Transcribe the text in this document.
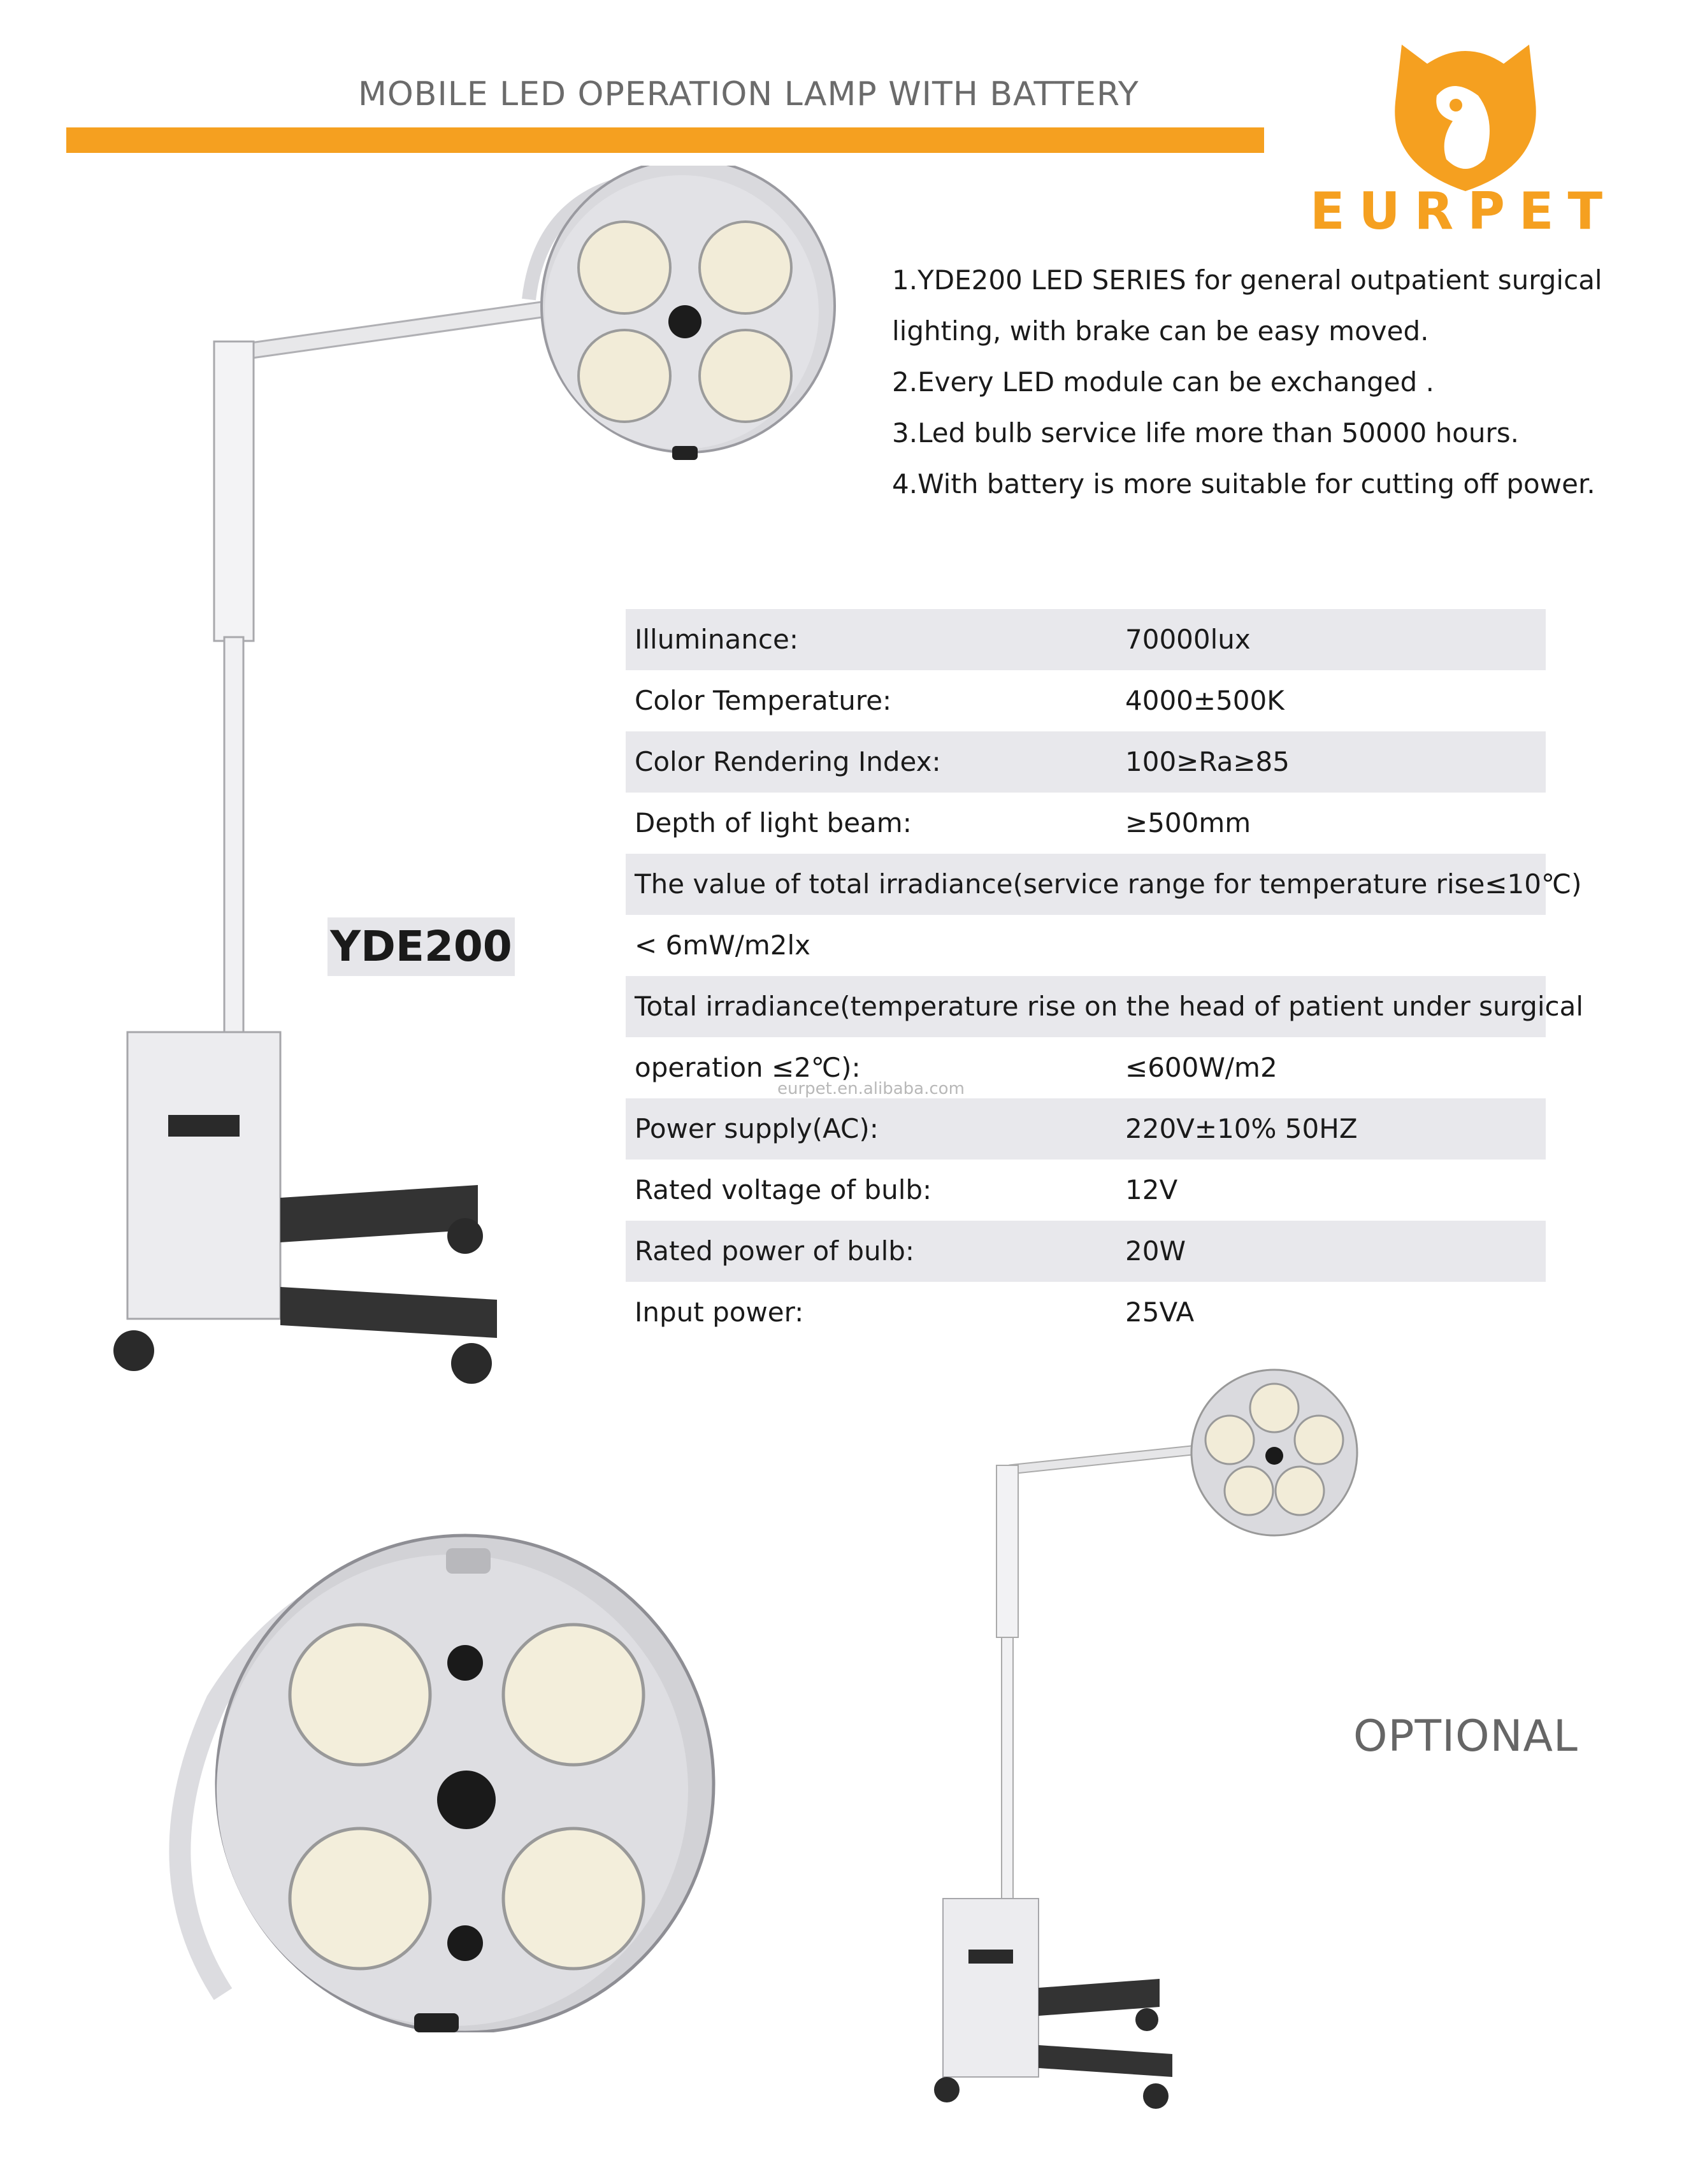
MOBILE LED OPERATION LAMP WITH BATTERY
EURPET
1.YDE200 LED SERIES for general outpatient surgical
lighting, with brake can be easy moved.
2.Every LED module can be exchanged .
3.Led bulb service life more than 50000 hours.
4.With battery is more suitable for cutting off power.
Illuminance:	70000lux
Color Temperature:	4000±500K
Color Rendering Index:	100≥Ra≥85
Depth of light beam:	≥500mm
The value of total irradiance(service range for temperature rise≤10℃)
< 6mW/m2lx
Total irradiance(temperature rise on the head of patient under surgical
operation ≤2℃):	≤600W/m2
Power supply(AC):	220V±10% 50HZ
Rated voltage of bulb:	12V
Rated power of bulb:	20W
Input power:	25VA
eurpet.en.alibaba.com
YDE200
OPTIONAL
